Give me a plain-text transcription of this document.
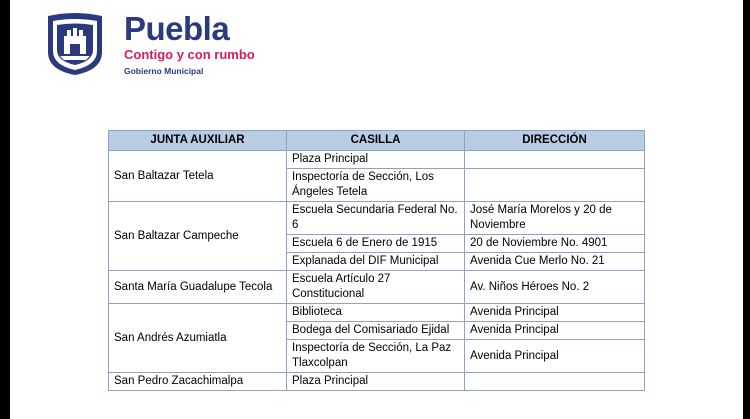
Puebla
Contigo y con rumbo
Gobierno Municipal
JUNTA AUXILIAR	CASILLA	DIRECCIÓN
San Baltazar Tetela	Plaza Principal	
	Inspectoría de Sección, Los Ángeles Tetela	
San Baltazar Campeche	Escuela Secundaria Federal No. 6	José María Morelos y 20 de Noviembre
	Escuela 6 de Enero de 1915	20 de Noviembre No. 4901
	Explanada del DIF Municipal	Avenida Cue Merlo No. 21
Santa María Guadalupe Tecola	Escuela Artículo 27 Constitucional	Av. Niños Héroes No. 2
San Andrés Azumiatla	Biblioteca	Avenida Principal
	Bodega del Comisariado Ejidal	Avenida Principal
	Inspectoría de Sección, La Paz Tlaxcolpan	Avenida Principal
San Pedro Zacachimalpa	Plaza Principal	
